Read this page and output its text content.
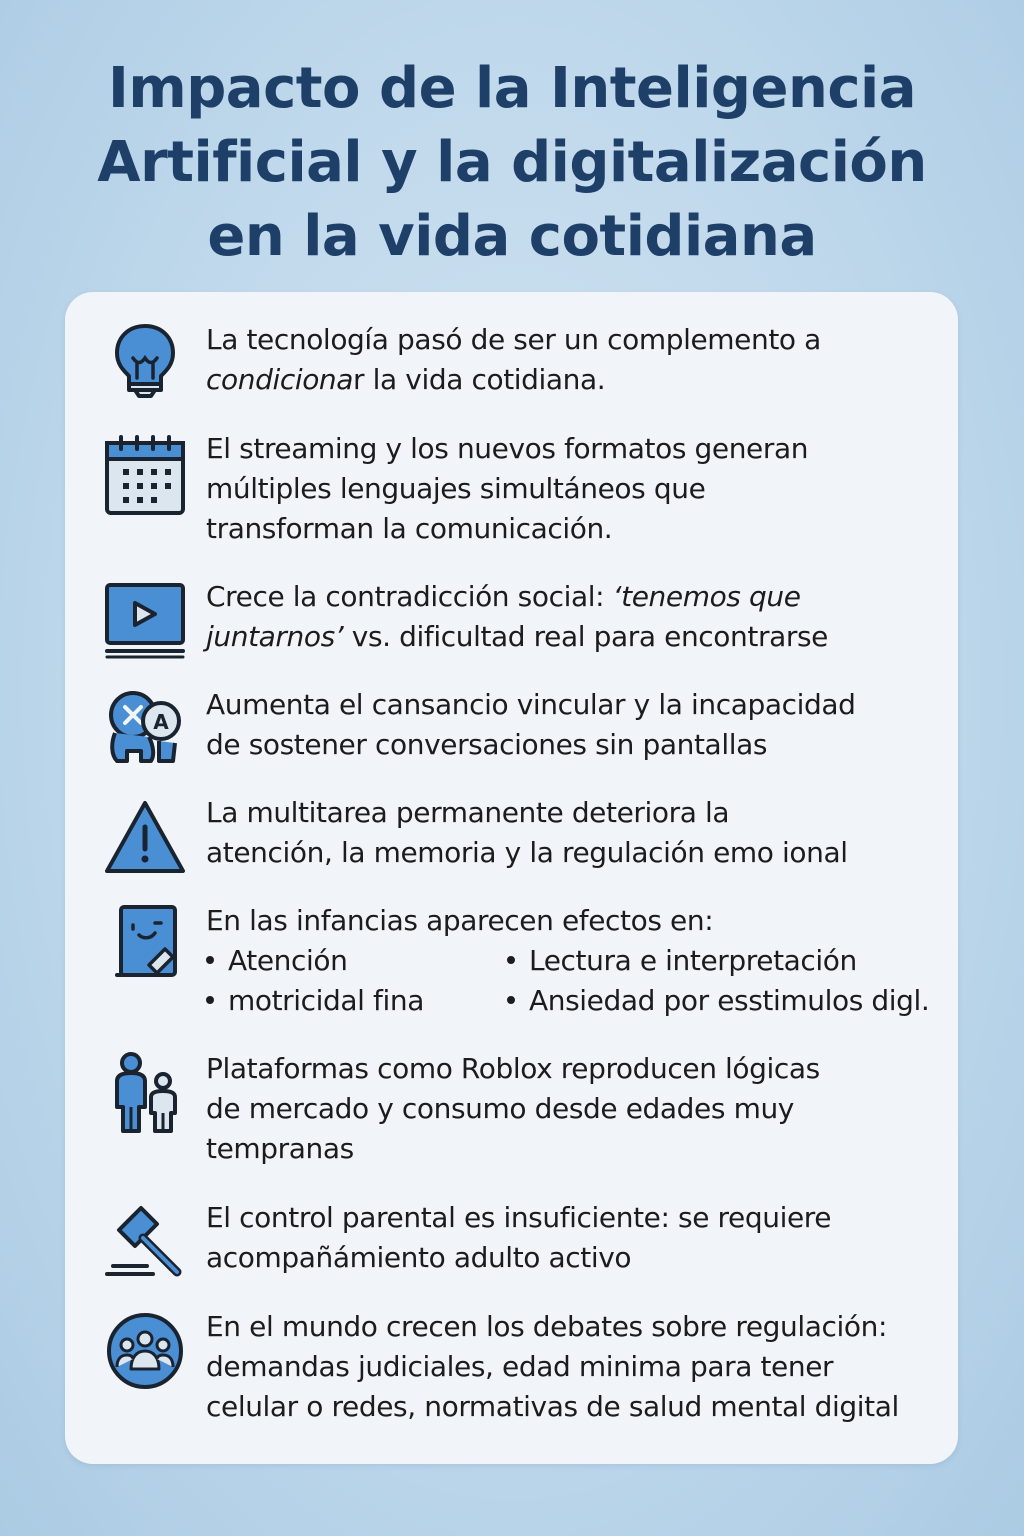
Impacto de la Inteligencia
Artificial y la digitalización
en la vida cotidiana
La tecnología pasó de ser un complemento a
condicionar la vida cotidiana.
El streaming y los nuevos formatos generan
múltiples lenguajes simultáneos que
transforman la comunicación.
Crece la contradicción social: ‘tenemos que
juntarnos’ vs. dificultad real para encontrarse
A
Aumenta el cansancio vincular y la incapacidad
de sostener conversaciones sin pantallas
La multitarea permanente deteriora la
atención, la memoria y la regulación emo ional
En las infancias aparecen efectos en:
Atención	Lectura e interpretación
motricidal fina	Ansiedad por esstimulos digl.
Plataformas como Roblox reproducen lógicas
de mercado y consumo desde edades muy
tempranas
El control parental es insuficiente: se requiere
acompañámiento adulto activo
En el mundo crecen los debates sobre regulación:
demandas judiciales, edad minima para tener
celular o redes, normativas de salud mental digital
